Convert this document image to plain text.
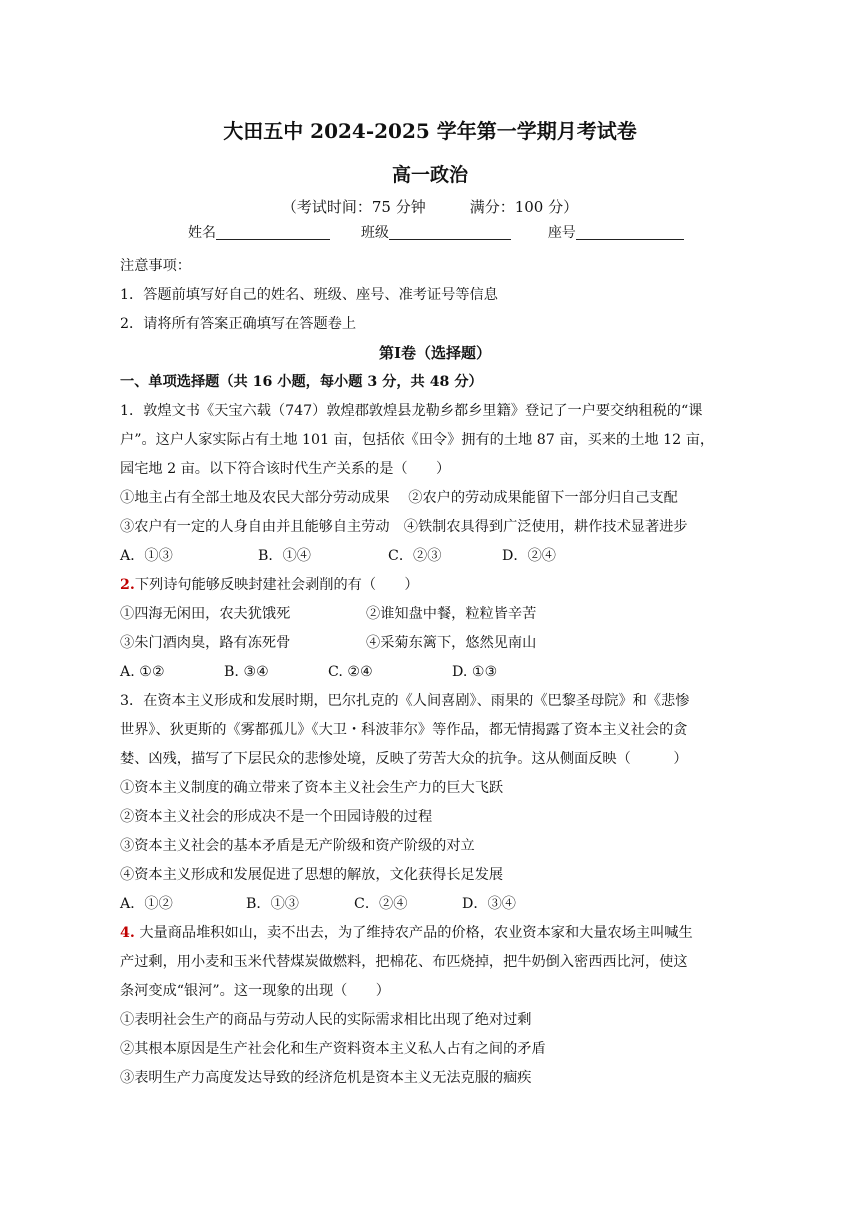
大田五中 2024-2025 学年第一学期月考试卷
高一政治
（考试时间：75 分钟	满分：100 分）
姓名	班级	座号
注意事项：
1．答题前填写好自己的姓名、班级、座号、准考证号等信息
2．请将所有答案正确填写在答题卷上
第Ⅰ卷（选择题）
一、单项选择题（共 16 小题，每小题 3 分，共 48 分）
1．敦煌文书《天宝六载（747）敦煌郡敦煌县龙勒乡都乡里籍》登记了一户要交纳租税的“课
户”。这户人家实际占有土地 101 亩，包括依《田令》拥有的土地 87 亩，买来的土地 12 亩，
园宅地 2 亩。以下符合该时代生产关系的是（　　）
①地主占有全部土地及农民大部分劳动成果　 ②农户的劳动成果能留下一部分归自己支配
③农户有一定的人身自由并且能够自主劳动　④铁制农具得到广泛使用，耕作技术显著进步
A．①③	B．①④	C．②③	D．②④
2.下列诗句能够反映封建社会剥削的有（　　）
①四海无闲田，农夫犹饿死	②谁知盘中餐，粒粒皆辛苦
③朱门酒肉臭，路有冻死骨	④采菊东篱下，悠然见南山
A. ①②	B. ③④	C. ②④	D. ①③
3．在资本主义形成和发展时期，巴尔扎克的《人间喜剧》、雨果的《巴黎圣母院》和《悲惨
世界》、狄更斯的《雾都孤儿》《大卫・科波菲尔》等作品，都无情揭露了资本主义社会的贪
婪、凶残，描写了下层民众的悲惨处境，反映了劳苦大众的抗争。这从侧面反映（　　　）
①资本主义制度的确立带来了资本主义社会生产力的巨大飞跃
②资本主义社会的形成决不是一个田园诗般的过程
③资本主义社会的基本矛盾是无产阶级和资产阶级的对立
④资本主义形成和发展促进了思想的解放，文化获得长足发展
A．①②	B．①③	C．②④	D．③④
4. 大量商品堆积如山，卖不出去，为了维持农产品的价格，农业资本家和大量农场主叫喊生
产过剩，用小麦和玉米代替煤炭做燃料，把棉花、布匹烧掉，把牛奶倒入密西西比河，使这
条河变成“银河”。这一现象的出现（　　）
①表明社会生产的商品与劳动人民的实际需求相比出现了绝对过剩
②其根本原因是生产社会化和生产资料资本主义私人占有之间的矛盾
③表明生产力高度发达导致的经济危机是资本主义无法克服的痼疾
